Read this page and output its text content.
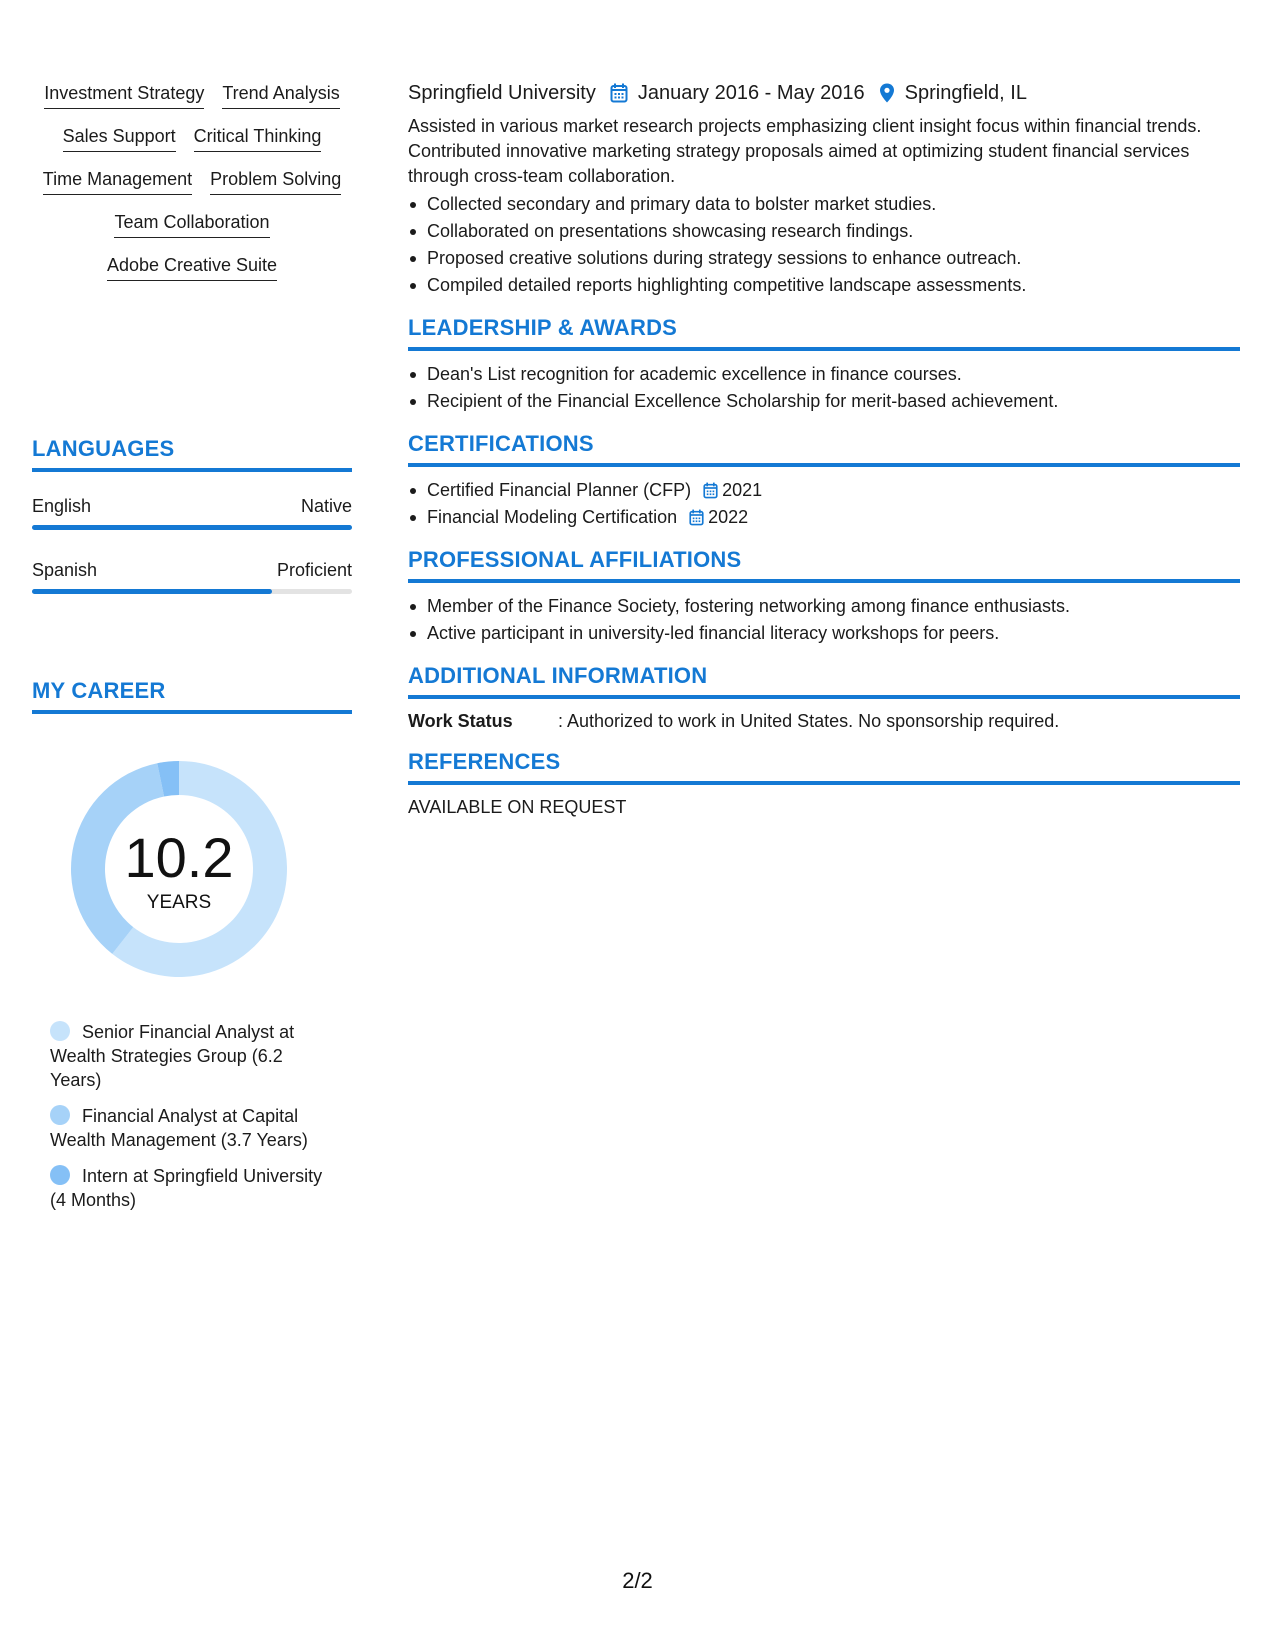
Investment Strategy Trend Analysis
Sales Support Critical Thinking
Time Management Problem Solving
Team Collaboration
Adobe Creative Suite
LANGUAGES
English	Native
Spanish	Proficient
MY CAREER
10.2
YEARS
Senior Financial Analyst at Wealth Strategies Group (6.2 Years)
Financial Analyst at Capital Wealth Management (3.7 Years)
Intern at Springfield University (4 Months)
Springfield University January 2016 - May 2016 Springfield, IL

Assisted in various market research projects emphasizing client insight focus within financial trends. Contributed innovative marketing strategy proposals aimed at optimizing student financial services through cross-team collaboration.

Collected secondary and primary data to bolster market studies.
Collaborated on presentations showcasing research findings.
Proposed creative solutions during strategy sessions to enhance outreach.
Compiled detailed reports highlighting competitive landscape assessments.
LEADERSHIP & AWARDS
Dean's List recognition for academic excellence in finance courses.
Recipient of the Financial Excellence Scholarship for merit-based achievement.
CERTIFICATIONS
Certified Financial Planner (CFP) 2021
Financial Modeling Certification 2022
PROFESSIONAL AFFILIATIONS
Member of the Finance Society, fostering networking among finance enthusiasts.
Active participant in university-led financial literacy workshops for peers.
ADDITIONAL INFORMATION
Work Status	: Authorized to work in United States. No sponsorship required.
REFERENCES
AVAILABLE ON REQUEST
2/2
